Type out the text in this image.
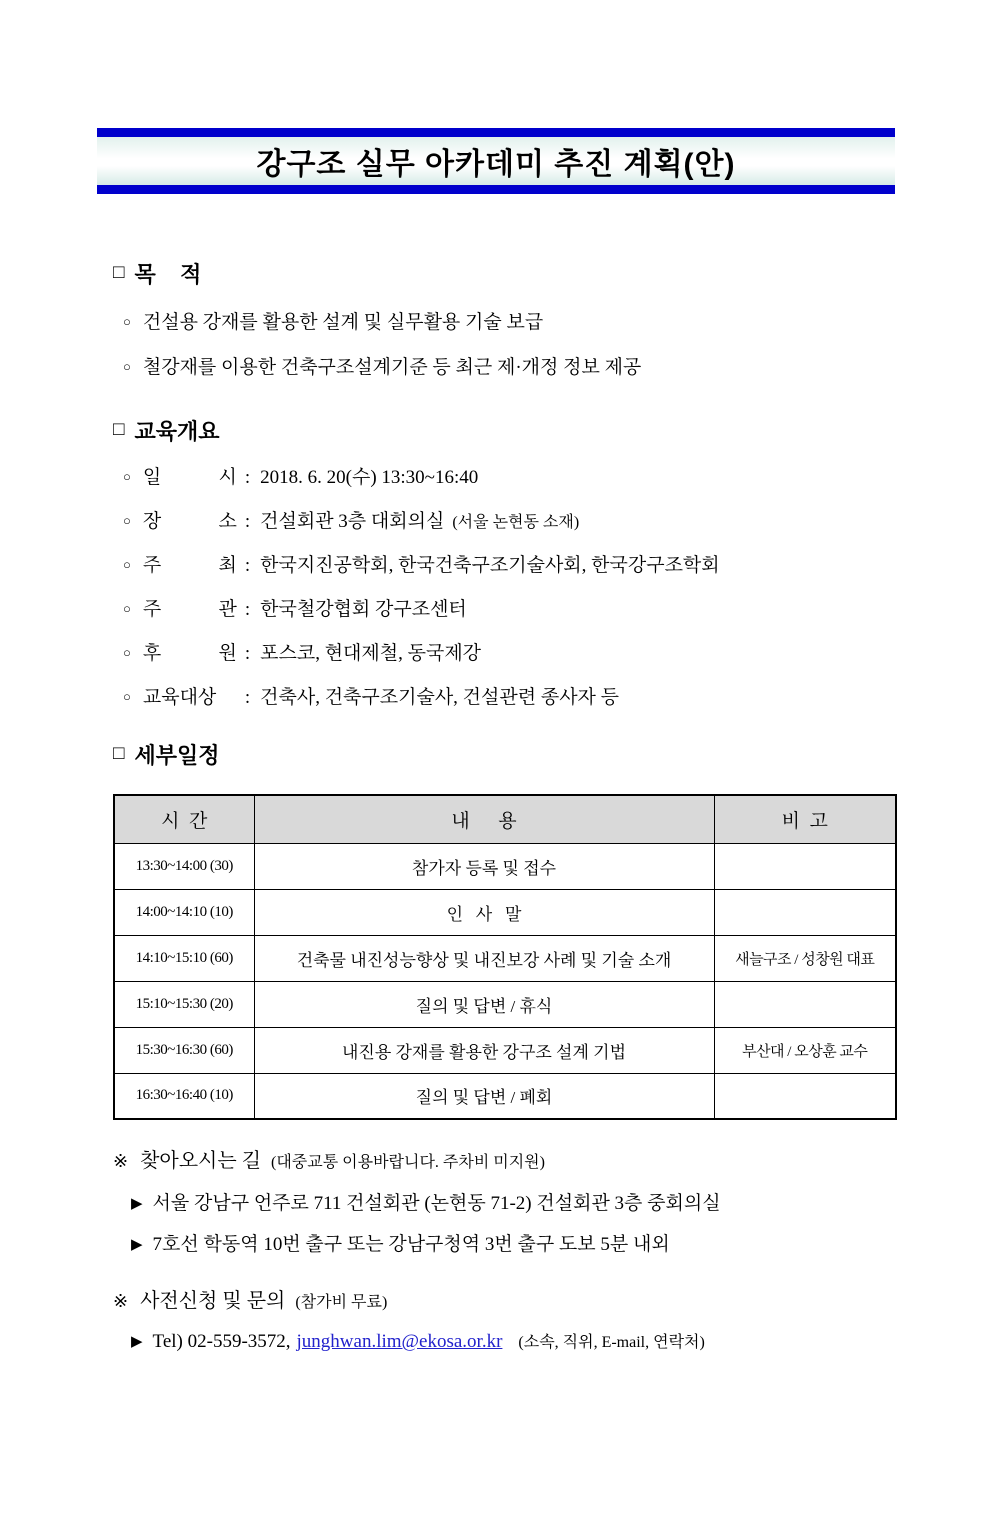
강구조 실무 아카데미 추진 계획(안)
□ 목    적
○ 건설용 강재를 활용한 설계 및 실무활용 기술 보급
○ 철강재를 이용한 건축구조설계기준 등 최근 제·개정 정보 제공
□ 교육개요
○ 일 시 : 2018. 6. 20(수) 13:30~16:40
○ 장 소 : 건설회관 3층 대회의실 (서울 논현동 소재)
○ 주 최 : 한국지진공학회, 한국건축구조기술사회, 한국강구조학회
○ 주 관 : 한국철강협회 강구조센터
○ 후 원 : 포스코, 현대제철, 동국제강
○ 교육대상	: 건축사, 건축구조기술사, 건설관련 종사자 등
□ 세부일정
시  간	내      용	비  고
13:30~14:00 (30)	참가자 등록 및 접수	
14:00~14:10 (10)	인   사   말	
14:10~15:10 (60)	건축물 내진성능향상 및 내진보강 사례 및 기술 소개	새늘구조 / 성창원 대표
15:10~15:30 (20)	질의 및 답변 / 휴식	
15:30~16:30 (60)	내진용 강재를 활용한 강구조 설계 기법	부산대 / 오상훈 교수
16:30~16:40 (10)	질의 및 답변 / 폐회	
※ 찾아오시는 길 (대중교통 이용바랍니다. 주차비 미지원)
▶ 서울 강남구 언주로 711 건설회관 (논현동 71-2) 건설회관 3층 중회의실
▶ 7호선 학동역 10번 출구 또는 강남구청역 3번 출구 도보 5분 내외
※ 사전신청 및 문의 (참가비 무료)
▶ Tel) 02-559-3572, junghwan.lim@ekosa.or.kr (소속, 직위, E-mail, 연락처)
